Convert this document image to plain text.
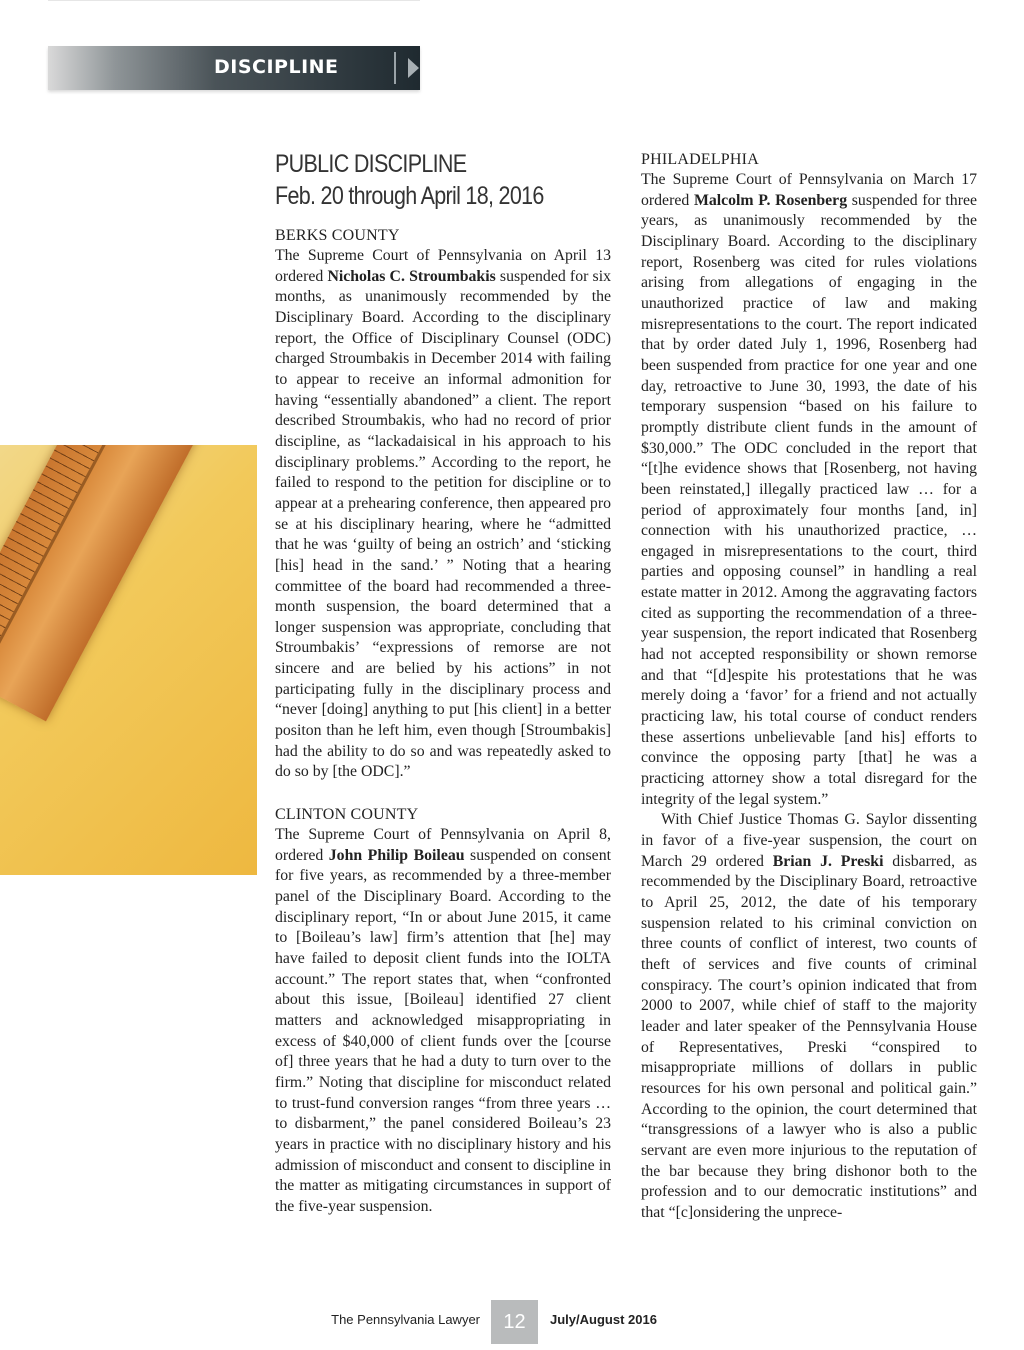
DISCIPLINE
PUBLIC DISCIPLINE
Feb. 20 through April 18, 2016

BERKS COUNTY

The Supreme Court of Pennsylvania on April 13 ordered Nicholas C. Stroumbakis suspended for six months, as unanimously recommended by the Disciplinary Board. According to the disciplinary report, the Office of Disciplinary Counsel (ODC) charged Stroumbakis in December 2014 with failing to appear to receive an informal admonition for having “essentially abandoned” a client. The report described Stroumbakis, who had no record of prior discipline, as “lackadaisical in his approach to his disciplinary problems.” According to the report, he failed to respond to the petition for discipline or to appear at a prehearing conference, then appeared pro se at his disciplinary hearing, where he “admitted that he was ‘guilty of being an ostrich’ and ‘sticking [his] head in the sand.’ ” Noting that a hearing committee of the board had recommended a three-month suspension, the board determined that a longer suspension was appropriate, concluding that Stroumbakis’ “expressions of remorse are not sincere and are belied by his actions” in not participating fully in the disciplinary process and “never [doing] anything to put [his client] in a better positon than he left him, even though [Stroumbakis] had the ability to do so and was repeatedly asked to do so by [the ODC].”

CLINTON COUNTY

The Supreme Court of Pennsylvania on April 8, ordered John Philip Boileau suspended on consent for five years, as recommended by a three-member panel of the Disciplinary Board. According to the disciplinary report, “In or about June 2015, it came to [Boileau’s law] firm’s attention that [he] may have failed to deposit client funds into the IOLTA account.” The report states that, when “confronted about this issue, [Boileau] identified 27 client matters and acknowledged misappropriating in excess of $40,000 of client funds over the [course of] three years that he had a duty to turn over to the firm.” Noting that discipline for misconduct related to trust-fund conversion ranges “from three years … to disbarment,” the panel considered Boileau’s 23 years in practice with no disciplinary history and his admission of misconduct and consent to discipline in the matter as mitigating circumstances in support of the five-year suspension.

PHILADELPHIA

The Supreme Court of Pennsylvania on March 17 ordered Malcolm P. Rosenberg suspended for three years, as unanimously recommended by the Disciplinary Board. According to the disciplinary report, Rosenberg was cited for rules violations arising from allegations of engaging in the unauthorized practice of law and making misrepresentations to the court. The report indicated that by order dated July 1, 1996, Rosenberg had been suspended from practice for one year and one day, retroactive to June 30, 1993, the date of his temporary suspension “based on his failure to promptly distribute client funds in the amount of $30,000.” The ODC concluded in the report that “[t]he evidence shows that [Rosenberg, not having been reinstated,] illegally practiced law … for a period of approximately four months [and, in] connection with his unauthorized practice, … engaged in misrepresentations to the court, third parties and opposing counsel” in handling a real estate matter in 2012. Among the aggravating factors cited as supporting the recommendation of a three-year suspension, the report indicated that Rosenberg had not accepted responsibility or shown remorse and that “[d]espite his protestations that he was merely doing a ‘favor’ for a friend and not actually practicing law, his total course of conduct renders these assertions unbelievable [and his] efforts to convince the opposing party [that] he was a practicing attorney show a total disregard for the integrity of the legal system.”

With Chief Justice Thomas G. Saylor dissenting in favor of a five-year suspension, the court on March 29 ordered Brian J. Preski disbarred, as recommended by the Disciplinary Board, retroactive to April 25, 2012, the date of his temporary suspension related to his criminal conviction on three counts of conflict of interest, two counts of theft of services and five counts of criminal conspiracy. The court’s opinion indicated that from 2000 to 2007, while chief of staff to the majority leader and later speaker of the Pennsylvania House of Representatives, Preski “conspired to misappropriate millions of dollars in public resources for his own personal and political gain.” According to the opinion, the court determined that “transgressions of a lawyer who is also a public servant are even more injurious to the reputation of the bar because they bring dishonor both to the profession and to our democratic institutions” and that “[c]onsidering the unprece-

The Pennsylvania Lawyer	12	July/August 2016
